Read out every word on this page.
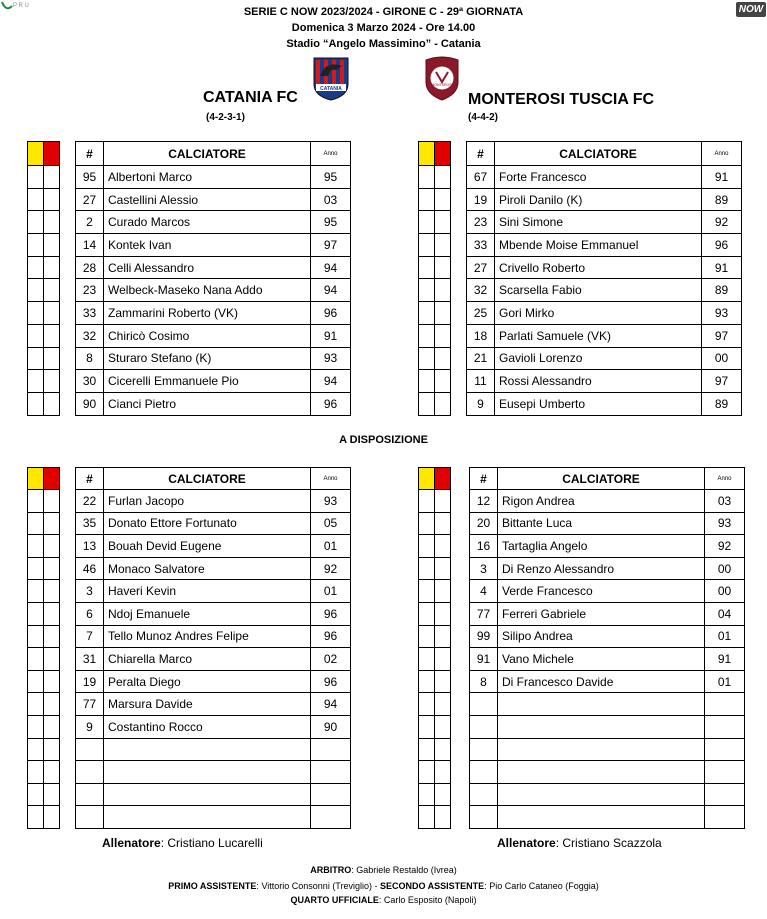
P R U	NOW
SERIE C NOW 2023/2024 - GIRONE C - 29ª GIORNATA
Domenica 3 Marzo 2024 - Ore 14.00
Stadio “Angelo Massimino” - Catania
CATANIA
MONTEROSI
CATANIA FC	MONTEROSI TUSCIA FC
(4-2-3-1)	(4-4-2)

#	CALCIATORE	Anno
95	Albertoni Marco	95
27	Castellini Alessio	03
2	Curado Marcos	95
14	Kontek Ivan	97
28	Celli Alessandro	94
23	Welbeck-Maseko Nana Addo	94
33	Zammarini Roberto (VK)	96
32	Chiricò Cosimo	91
8	Sturaro Stefano (K)	93
30	Cicerelli Emmanuele Pio	94
90	Cianci Pietro	96
#	CALCIATORE	Anno
67	Forte Francesco	91
19	Piroli Danilo (K)	89
23	Sini Simone	92
33	Mbende Moise Emmanuel	96
27	Crivello Roberto	91
32	Scarsella Fabio	89
25	Gori Mirko	93
18	Parlati Samuele (VK)	97
21	Gavioli Lorenzo	00
11	Rossi Alessandro	97
9	Eusepi Umberto	89
#	CALCIATORE	Anno
22	Furlan Jacopo	93
35	Donato Ettore Fortunato	05
13	Bouah Devid Eugene	01
46	Monaco Salvatore	92
3	Haveri Kevin	01
6	Ndoj Emanuele	96
7	Tello Munoz Andres Felipe	96
31	Chiarella Marco	02
19	Peralta Diego	96
77	Marsura Davide	94
9	Costantino Rocco	90

#	CALCIATORE	Anno
12	Rigon Andrea	03
20	Bittante Luca	93
16	Tartaglia Angelo	92
3	Di Renzo Alessandro	00
4	Verde Francesco	00
77	Ferreri Gabriele	04
99	Silipo Andrea	01
91	Vano Michele	91
8	Di Francesco Davide	01

A DISPOSIZIONE
Allenatore: Cristiano Lucarelli	Allenatore: Cristiano Scazzola
ARBITRO: Gabriele Restaldo (Ivrea)
PRIMO ASSISTENTE: Vittorio Consonni (Treviglio) - SECONDO ASSISTENTE: Pio Carlo Cataneo (Foggia)
QUARTO UFFICIALE: Carlo Esposito (Napoli)
